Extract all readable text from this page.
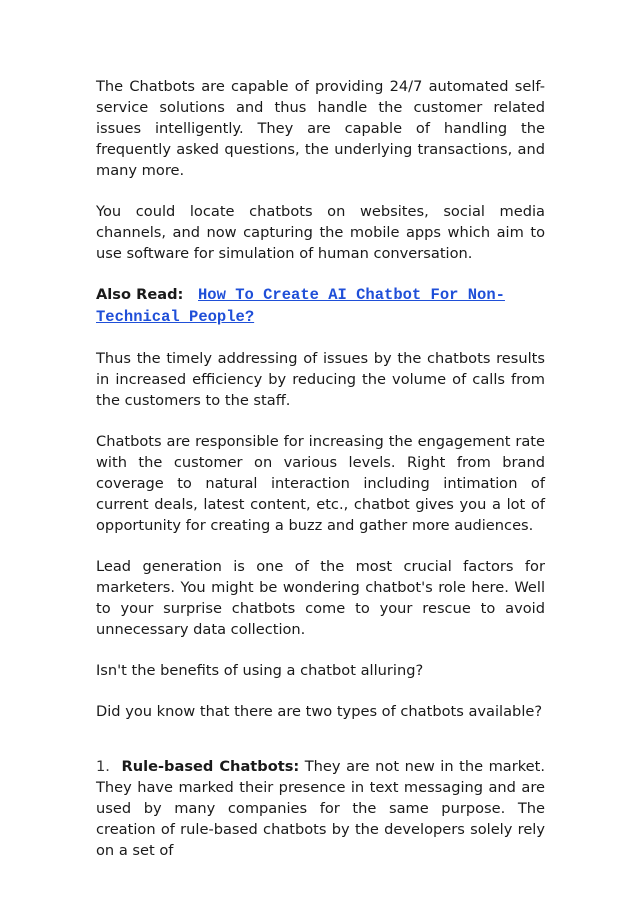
The Chatbots are capable of providing 24/7 automated self-service solutions and thus handle the customer related issues intelligently. They are capable of handling the frequently asked questions, the underlying transactions, and many more.

You could locate chatbots on websites, social media channels, and now capturing the mobile apps which aim to use software for simulation of human conversation.

Also Read: How To Create AI Chatbot For Non-Technical People?

Thus the timely addressing of issues by the chatbots results in increased efficiency by reducing the volume of calls from the customers to the staff.

Chatbots are responsible for increasing the engagement rate with the customer on various levels. Right from brand coverage to natural interaction including intimation of current deals, latest content, etc., chatbot gives you a lot of opportunity for creating a buzz and gather more audiences.

Lead generation is one of the most crucial factors for marketers. You might be wondering chatbot's role here. Well to your surprise chatbots come to your rescue to avoid unnecessary data collection.

Isn't the benefits of using a chatbot alluring?

Did you know that there are two types of chatbots available?

1. Rule-based Chatbots: They are not new in the market. They have marked their presence in text messaging and are used by many companies for the same purpose. The creation of rule-based chatbots by the developers solely rely on a set of
